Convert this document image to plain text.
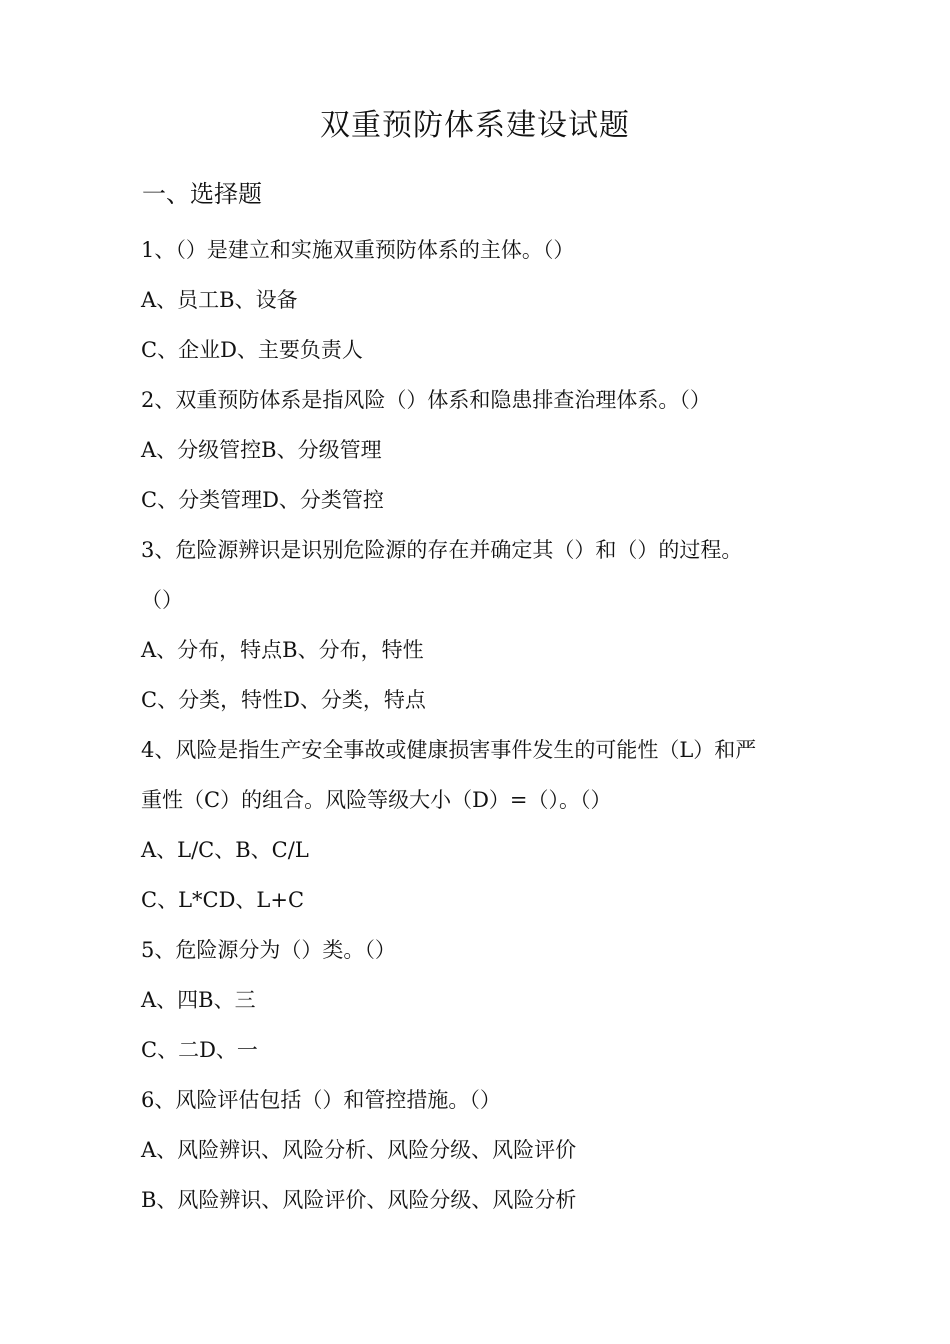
双重预防体系建设试题
一、选择题
1、（）是建立和实施双重预防体系的主体。（）
A、员工B、设备
C、企业D、主要负责人
2、双重预防体系是指风险（）体系和隐患排查治理体系。（）
A、分级管控B、分级管理
C、分类管理D、分类管控
3、危险源辨识是识别危险源的存在并确定其（）和（）的过程。
（）
A、分布，特点B、分布，特性
C、分类，特性D、分类，特点
4、风险是指生产安全事故或健康损害事件发生的可能性（L）和严
重性（C）的组合。风险等级大小（D）=（）。（）
A、L/C、B、C/L
C、L*CD、L+C
5、危险源分为（）类。（）
A、四B、三
C、二D、一
6、风险评估包括（）和管控措施。（）
A、风险辨识、风险分析、风险分级、风险评价
B、风险辨识、风险评价、风险分级、风险分析
